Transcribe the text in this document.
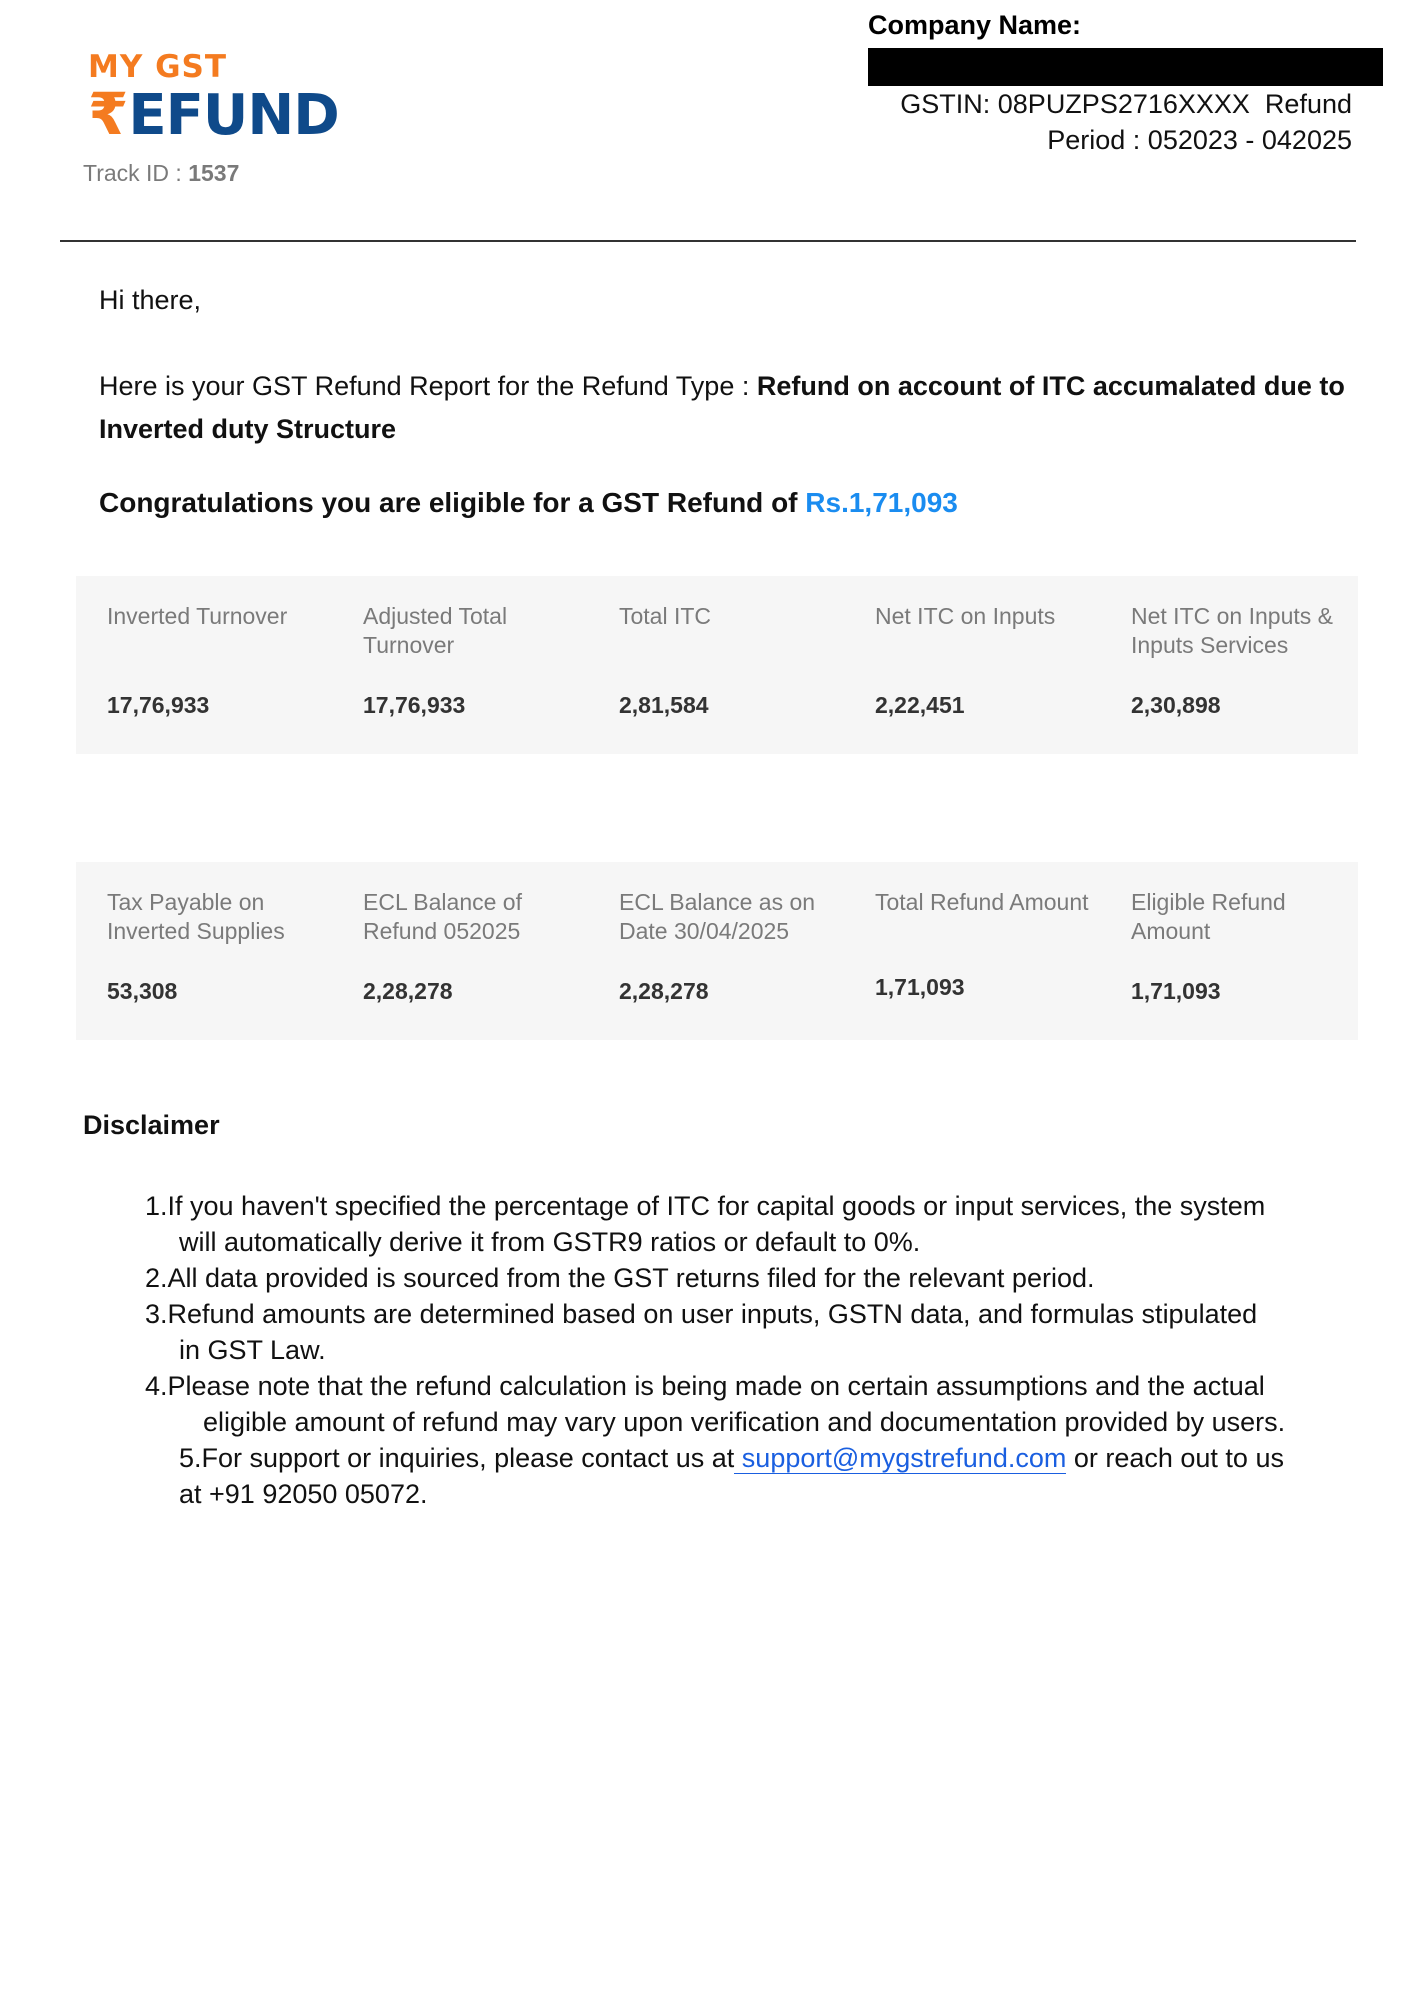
MY GST
₹EFUND
Track ID : 1537
Company Name:
GSTIN: 08PUZPS2716XXXX  Refund
Period : 052023 - 042025
Hi there,
Here is your GST Refund Report for the Refund Type : Refund on account of ITC accumalated due to Inverted duty Structure
Congratulations you are eligible for a GST Refund of Rs.1,71,093
Inverted Turnover
17,76,933
Adjusted Total Turnover
17,76,933
Total ITC
2,81,584
Net ITC on Inputs
2,22,451
Net ITC on Inputs & Inputs Services
2,30,898
Tax Payable on Inverted Supplies
53,308
ECL Balance of Refund 052025
2,28,278
ECL Balance as on Date 30/04/2025
2,28,278
Total Refund Amount
1,71,093
Eligible Refund Amount
1,71,093
Disclaimer
1.If you haven't specified the percentage of ITC for capital goods or input services, the system
will automatically derive it from GSTR9 ratios or default to 0%.
2.All data provided is sourced from the GST returns filed for the relevant period.
3.Refund amounts are determined based on user inputs, GSTN data, and formulas stipulated
in GST Law.
4.Please note that the refund calculation is being made on certain assumptions and the actual
eligible amount of refund may vary upon verification and documentation provided by users.
5.For support or inquiries, please contact us at support@mygstrefund.com or reach out to us
at +91 92050 05072.
